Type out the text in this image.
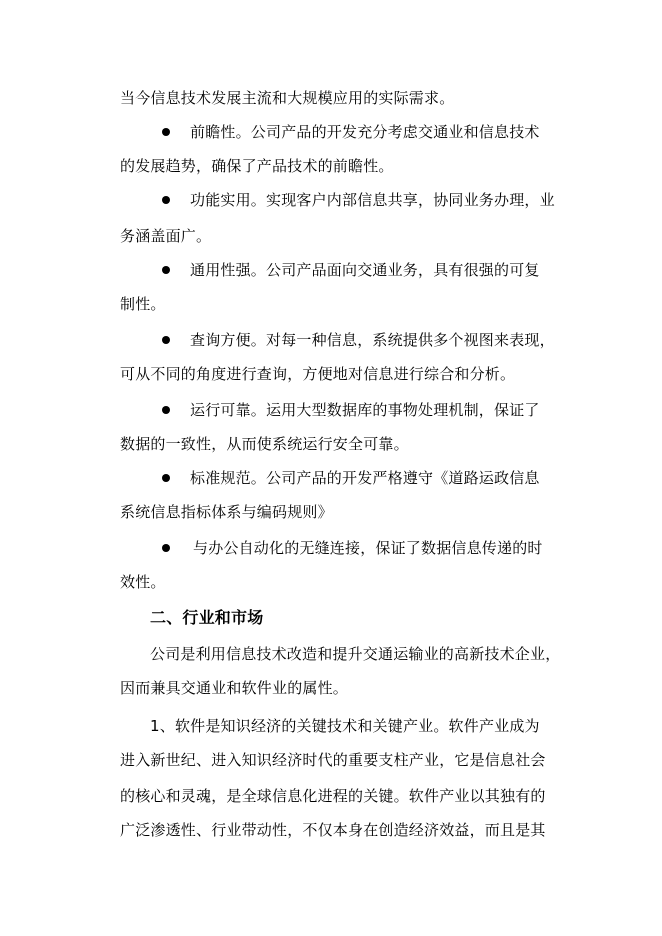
当今信息技术发展主流和大规模应用的实际需求。
前瞻性。公司产品的开发充分考虑交通业和信息技术
的发展趋势，确保了产品技术的前瞻性。
功能实用。实现客户内部信息共享，协同业务办理，业
务涵盖面广。
通用性强。公司产品面向交通业务，具有很强的可复
制性。
查询方便。对每一种信息，系统提供多个视图来表现，
可从不同的角度进行查询，方便地对信息进行综合和分析。
运行可靠。运用大型数据库的事物处理机制，保证了
数据的一致性，从而使系统运行安全可靠。
标准规范。公司产品的开发严格遵守《道路运政信息
系统信息指标体系与编码规则》
与办公自动化的无缝连接，保证了数据信息传递的时
效性。
二、行业和市场
公司是利用信息技术改造和提升交通运输业的高新技术企业，
因而兼具交通业和软件业的属性。
1、软件是知识经济的关键技术和关键产业。软件产业成为
进入新世纪、进入知识经济时代的重要支柱产业，它是信息社会
的核心和灵魂，是全球信息化进程的关键。软件产业以其独有的
广泛渗透性、行业带动性，不仅本身在创造经济效益，而且是其
